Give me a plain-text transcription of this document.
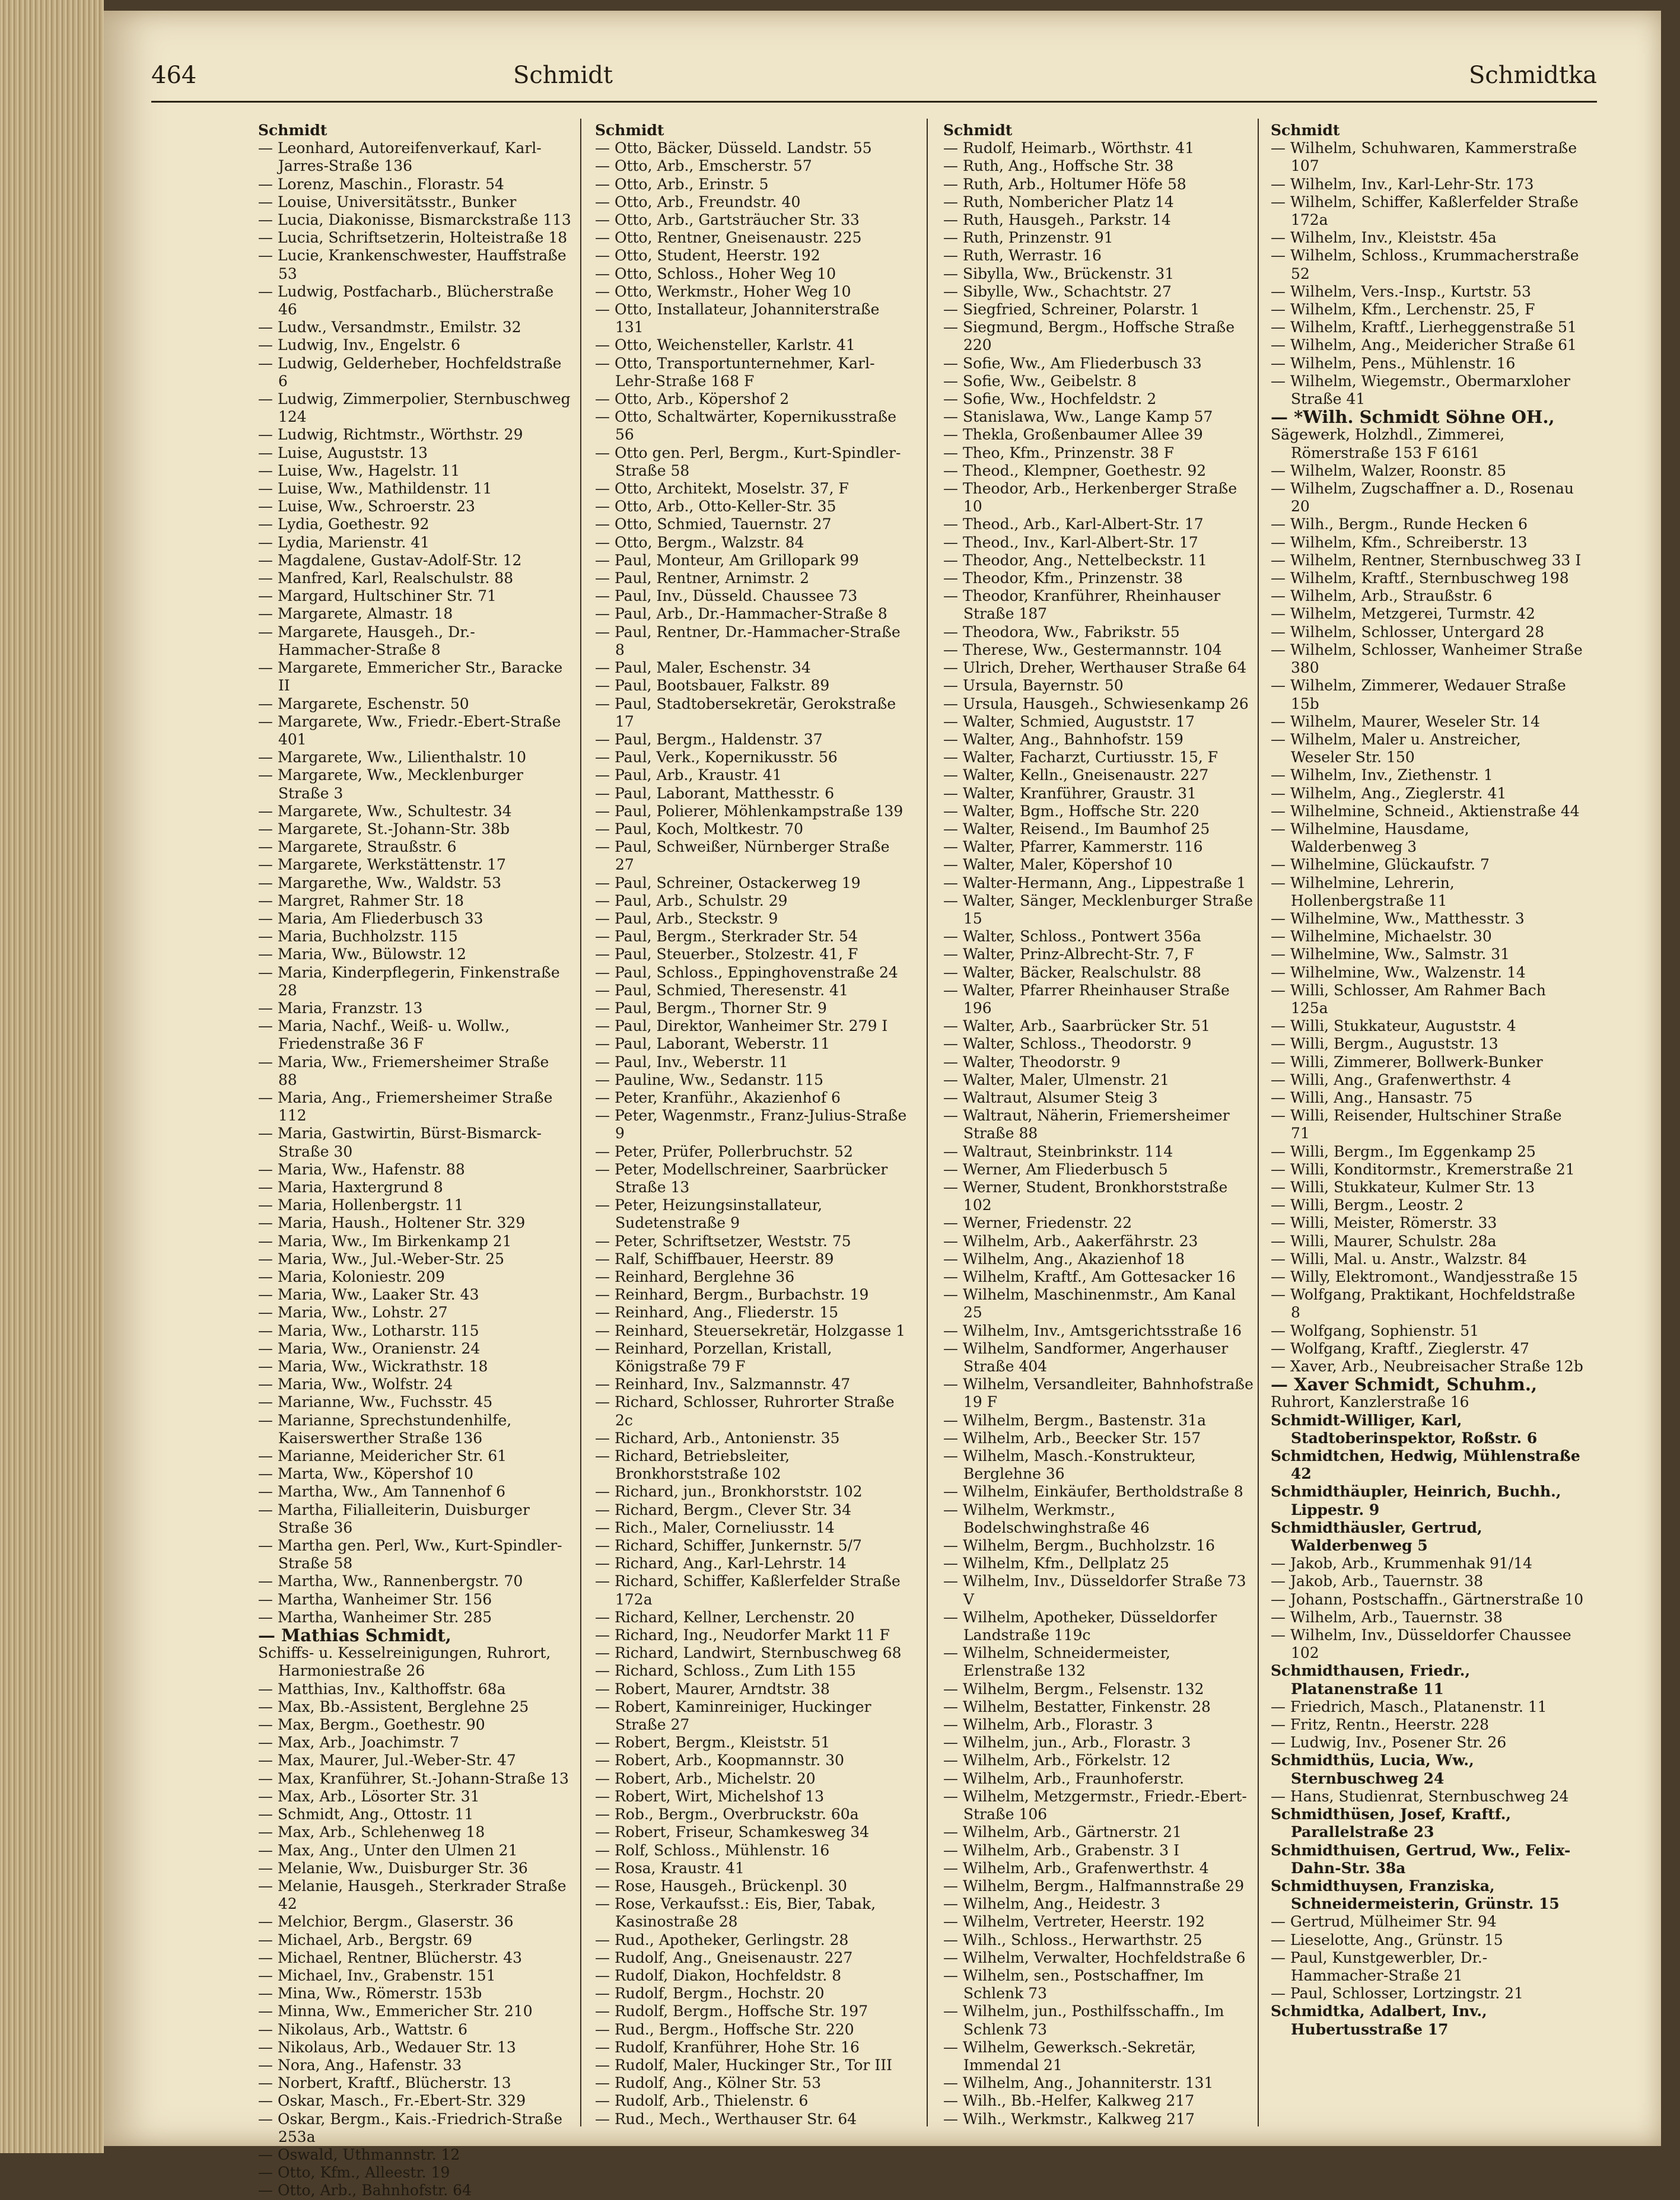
464	Schmidt	Schmidtka
Schmidt
— Leonhard, Autoreifenverkauf, Karl-Jarres-Straße 136
— Lorenz, Maschin., Florastr. 54
— Louise, Universitätsstr., Bunker
— Lucia, Diakonisse, Bismarckstraße 113
— Lucia, Schriftsetzerin, Holteistraße 18
— Lucie, Krankenschwester, Hauffstraße 53
— Ludwig, Postfacharb., Blücherstraße 46
— Ludw., Versandmstr., Emilstr. 32
— Ludwig, Inv., Engelstr. 6
— Ludwig, Gelderheber, Hochfeldstraße 6
— Ludwig, Zimmerpolier, Sternbuschweg 124
— Ludwig, Richtmstr., Wörthstr. 29
— Luise, Auguststr. 13
— Luise, Ww., Hagelstr. 11
— Luise, Ww., Mathildenstr. 11
— Luise, Ww., Schroerstr. 23
— Lydia, Goethestr. 92
— Lydia, Marienstr. 41
— Magdalene, Gustav-Adolf-Str. 12
— Manfred, Karl, Realschulstr. 88
— Margard, Hultschiner Str. 71
— Margarete, Almastr. 18
— Margarete, Hausgeh., Dr.-Hammacher-Straße 8
— Margarete, Emmericher Str., Baracke II
— Margarete, Eschenstr. 50
— Margarete, Ww., Friedr.-Ebert-Straße 401
— Margarete, Ww., Lilienthalstr. 10
— Margarete, Ww., Mecklenburger Straße 3
— Margarete, Ww., Schultestr. 34
— Margarete, St.-Johann-Str. 38b
— Margarete, Straußstr. 6
— Margarete, Werkstättenstr. 17
— Margarethe, Ww., Waldstr. 53
— Margret, Rahmer Str. 18
— Maria, Am Fliederbusch 33
— Maria, Buchholzstr. 115
— Maria, Ww., Bülowstr. 12
— Maria, Kinderpflegerin, Finkenstraße 28
— Maria, Franzstr. 13
— Maria, Nachf., Weiß- u. Wollw., Friedenstraße 36 F
— Maria, Ww., Friemersheimer Straße 88
— Maria, Ang., Friemersheimer Straße 112
— Maria, Gastwirtin, Bürst-Bismarck-Straße 30
— Maria, Ww., Hafenstr. 88
— Maria, Haxtergrund 8
— Maria, Hollenbergstr. 11
— Maria, Haush., Holtener Str. 329
— Maria, Ww., Im Birkenkamp 21
— Maria, Ww., Jul.-Weber-Str. 25
— Maria, Koloniestr. 209
— Maria, Ww., Laaker Str. 43
— Maria, Ww., Lohstr. 27
— Maria, Ww., Lotharstr. 115
— Maria, Ww., Oranienstr. 24
— Maria, Ww., Wickrathstr. 18
— Maria, Ww., Wolfstr. 24
— Marianne, Ww., Fuchsstr. 45
— Marianne, Sprechstundenhilfe, Kaiserswerther Straße 136
— Marianne, Meidericher Str. 61
— Marta, Ww., Köpershof 10
— Martha, Ww., Am Tannenhof 6
— Martha, Filialleiterin, Duisburger Straße 36
— Martha gen. Perl, Ww., Kurt-Spindler-Straße 58
— Martha, Ww., Rannenbergstr. 70
— Martha, Wanheimer Str. 156
— Martha, Wanheimer Str. 285
— Mathias Schmidt,
Schiffs- u. Kesselreinigungen, Ruhrort, Harmoniestraße 26
— Matthias, Inv., Kalthoffstr. 68a
— Max, Bb.-Assistent, Berglehne 25
— Max, Bergm., Goethestr. 90
— Max, Arb., Joachimstr. 7
— Max, Maurer, Jul.-Weber-Str. 47
— Max, Kranführer, St.-Johann-Straße 13
— Max, Arb., Lösorter Str. 31
— Schmidt, Ang., Ottostr. 11
— Max, Arb., Schlehenweg 18
— Max, Ang., Unter den Ulmen 21
— Melanie, Ww., Duisburger Str. 36
— Melanie, Hausgeh., Sterkrader Straße 42
— Melchior, Bergm., Glaserstr. 36
— Michael, Arb., Bergstr. 69
— Michael, Rentner, Blücherstr. 43
— Michael, Inv., Grabenstr. 151
— Mina, Ww., Römerstr. 153b
— Minna, Ww., Emmericher Str. 210
— Nikolaus, Arb., Wattstr. 6
— Nikolaus, Arb., Wedauer Str. 13
— Nora, Ang., Hafenstr. 33
— Norbert, Kraftf., Blücherstr. 13
— Oskar, Masch., Fr.-Ebert-Str. 329
— Oskar, Bergm., Kais.-Friedrich-Straße 253a
— Oswald, Uthmannstr. 12
— Otto, Kfm., Alleestr. 19
— Otto, Arb., Bahnhofstr. 64
Schmidt
— Otto, Bäcker, Düsseld. Landstr. 55
— Otto, Arb., Emscherstr. 57
— Otto, Arb., Erinstr. 5
— Otto, Arb., Freundstr. 40
— Otto, Arb., Gartsträucher Str. 33
— Otto, Rentner, Gneisenaustr. 225
— Otto, Student, Heerstr. 192
— Otto, Schloss., Hoher Weg 10
— Otto, Werkmstr., Hoher Weg 10
— Otto, Installateur, Johanniterstraße 131
— Otto, Weichensteller, Karlstr. 41
— Otto, Transportunternehmer, Karl-Lehr-Straße 168 F
— Otto, Arb., Köpershof 2
— Otto, Schaltwärter, Kopernikusstraße 56
— Otto gen. Perl, Bergm., Kurt-Spindler-Straße 58
— Otto, Architekt, Moselstr. 37, F
— Otto, Arb., Otto-Keller-Str. 35
— Otto, Schmied, Tauernstr. 27
— Otto, Bergm., Walzstr. 84
— Paul, Monteur, Am Grillopark 99
— Paul, Rentner, Arnimstr. 2
— Paul, Inv., Düsseld. Chaussee 73
— Paul, Arb., Dr.-Hammacher-Straße 8
— Paul, Rentner, Dr.-Hammacher-Straße 8
— Paul, Maler, Eschenstr. 34
— Paul, Bootsbauer, Falkstr. 89
— Paul, Stadtobersekretär, Gerokstraße 17
— Paul, Bergm., Haldenstr. 37
— Paul, Verk., Kopernikusstr. 56
— Paul, Arb., Kraustr. 41
— Paul, Laborant, Matthesstr. 6
— Paul, Polierer, Möhlenkampstraße 139
— Paul, Koch, Moltkestr. 70
— Paul, Schweißer, Nürnberger Straße 27
— Paul, Schreiner, Ostackerweg 19
— Paul, Arb., Schulstr. 29
— Paul, Arb., Steckstr. 9
— Paul, Bergm., Sterkrader Str. 54
— Paul, Steuerber., Stolzestr. 41, F
— Paul, Schloss., Eppinghovenstraße 24
— Paul, Schmied, Theresenstr. 41
— Paul, Bergm., Thorner Str. 9
— Paul, Direktor, Wanheimer Str. 279 I
— Paul, Laborant, Weberstr. 11
— Paul, Inv., Weberstr. 11
— Pauline, Ww., Sedanstr. 115
— Peter, Kranführ., Akazienhof 6
— Peter, Wagenmstr., Franz-Julius-Straße 9
— Peter, Prüfer, Pollerbruchstr. 52
— Peter, Modellschreiner, Saarbrücker Straße 13
— Peter, Heizungsinstallateur, Sudetenstraße 9
— Peter, Schriftsetzer, Weststr. 75
— Ralf, Schiffbauer, Heerstr. 89
— Reinhard, Berglehne 36
— Reinhard, Bergm., Burbachstr. 19
— Reinhard, Ang., Fliederstr. 15
— Reinhard, Steuersekretär, Holzgasse 1
— Reinhard, Porzellan, Kristall, Königstraße 79 F
— Reinhard, Inv., Salzmannstr. 47
— Richard, Schlosser, Ruhrorter Straße 2c
— Richard, Arb., Antonienstr. 35
— Richard, Betriebsleiter, Bronkhorststraße 102
— Richard, jun., Bronkhorststr. 102
— Richard, Bergm., Clever Str. 34
— Rich., Maler, Corneliusstr. 14
— Richard, Schiffer, Junkernstr. 5/7
— Richard, Ang., Karl-Lehrstr. 14
— Richard, Schiffer, Kaßlerfelder Straße 172a
— Richard, Kellner, Lerchenstr. 20
— Richard, Ing., Neudorfer Markt 11 F
— Richard, Landwirt, Sternbuschweg 68
— Richard, Schloss., Zum Lith 155
— Robert, Maurer, Arndtstr. 38
— Robert, Kaminreiniger, Huckinger Straße 27
— Robert, Bergm., Kleiststr. 51
— Robert, Arb., Koopmannstr. 30
— Robert, Arb., Michelstr. 20
— Robert, Wirt, Michelshof 13
— Rob., Bergm., Overbruckstr. 60a
— Robert, Friseur, Schamkesweg 34
— Rolf, Schloss., Mühlenstr. 16
— Rosa, Kraustr. 41
— Rose, Hausgeh., Brückenpl. 30
— Rose, Verkaufsst.: Eis, Bier, Tabak, Kasinostraße 28
— Rud., Apotheker, Gerlingstr. 28
— Rudolf, Ang., Gneisenaustr. 227
— Rudolf, Diakon, Hochfeldstr. 8
— Rudolf, Bergm., Hochstr. 20
— Rudolf, Bergm., Hoffsche Str. 197
— Rud., Bergm., Hoffsche Str. 220
— Rudolf, Kranführer, Hohe Str. 16
— Rudolf, Maler, Huckinger Str., Tor III
— Rudolf, Ang., Kölner Str. 53
— Rudolf, Arb., Thielenstr. 6
— Rud., Mech., Werthauser Str. 64
Schmidt
— Rudolf, Heimarb., Wörthstr. 41
— Ruth, Ang., Hoffsche Str. 38
— Ruth, Arb., Holtumer Höfe 58
— Ruth, Nombericher Platz 14
— Ruth, Hausgeh., Parkstr. 14
— Ruth, Prinzenstr. 91
— Ruth, Werrastr. 16
— Sibylla, Ww., Brückenstr. 31
— Sibylle, Ww., Schachtstr. 27
— Siegfried, Schreiner, Polarstr. 1
— Siegmund, Bergm., Hoffsche Straße 220
— Sofie, Ww., Am Fliederbusch 33
— Sofie, Ww., Geibelstr. 8
— Sofie, Ww., Hochfeldstr. 2
— Stanislawa, Ww., Lange Kamp 57
— Thekla, Großenbaumer Allee 39
— Theo, Kfm., Prinzenstr. 38 F
— Theod., Klempner, Goethestr. 92
— Theodor, Arb., Herkenberger Straße 10
— Theod., Arb., Karl-Albert-Str. 17
— Theod., Inv., Karl-Albert-Str. 17
— Theodor, Ang., Nettelbeckstr. 11
— Theodor, Kfm., Prinzenstr. 38
— Theodor, Kranführer, Rheinhauser Straße 187
— Theodora, Ww., Fabrikstr. 55
— Therese, Ww., Gestermannstr. 104
— Ulrich, Dreher, Werthauser Straße 64
— Ursula, Bayernstr. 50
— Ursula, Hausgeh., Schwiesenkamp 26
— Walter, Schmied, Auguststr. 17
— Walter, Ang., Bahnhofstr. 159
— Walter, Facharzt, Curtiusstr. 15, F
— Walter, Kelln., Gneisenaustr. 227
— Walter, Kranführer, Graustr. 31
— Walter, Bgm., Hoffsche Str. 220
— Walter, Reisend., Im Baumhof 25
— Walter, Pfarrer, Kammerstr. 116
— Walter, Maler, Köpershof 10
— Walter-Hermann, Ang., Lippestraße 1
— Walter, Sänger, Mecklenburger Straße 15
— Walter, Schloss., Pontwert 356a
— Walter, Prinz-Albrecht-Str. 7, F
— Walter, Bäcker, Realschulstr. 88
— Walter, Pfarrer Rheinhauser Straße 196
— Walter, Arb., Saarbrücker Str. 51
— Walter, Schloss., Theodorstr. 9
— Walter, Theodorstr. 9
— Walter, Maler, Ulmenstr. 21
— Waltraut, Alsumer Steig 3
— Waltraut, Näherin, Friemersheimer Straße 88
— Waltraut, Steinbrinkstr. 114
— Werner, Am Fliederbusch 5
— Werner, Student, Bronkhorststraße 102
— Werner, Friedenstr. 22
— Wilhelm, Arb., Aakerfährstr. 23
— Wilhelm, Ang., Akazienhof 18
— Wilhelm, Kraftf., Am Gottesacker 16
— Wilhelm, Maschinenmstr., Am Kanal 25
— Wilhelm, Inv., Amtsgerichtsstraße 16
— Wilhelm, Sandformer, Angerhauser Straße 404
— Wilhelm, Versandleiter, Bahnhofstraße 19 F
— Wilhelm, Bergm., Bastenstr. 31a
— Wilhelm, Arb., Beecker Str. 157
— Wilhelm, Masch.-Konstrukteur, Berglehne 36
— Wilhelm, Einkäufer, Bertholdstraße 8
— Wilhelm, Werkmstr., Bodelschwinghstraße 46
— Wilhelm, Bergm., Buchholzstr. 16
— Wilhelm, Kfm., Dellplatz 25
— Wilhelm, Inv., Düsseldorfer Straße 73 V
— Wilhelm, Apotheker, Düsseldorfer Landstraße 119c
— Wilhelm, Schneidermeister, Erlenstraße 132
— Wilhelm, Bergm., Felsenstr. 132
— Wilhelm, Bestatter, Finkenstr. 28
— Wilhelm, Arb., Florastr. 3
— Wilhelm, jun., Arb., Florastr. 3
— Wilhelm, Arb., Förkelstr. 12
— Wilhelm, Arb., Fraunhoferstr.
— Wilhelm, Metzgermstr., Friedr.-Ebert-Straße 106
— Wilhelm, Arb., Gärtnerstr. 21
— Wilhelm, Arb., Grabenstr. 3 I
— Wilhelm, Arb., Grafenwerthstr. 4
— Wilhelm, Bergm., Halfmannstraße 29
— Wilhelm, Ang., Heidestr. 3
— Wilhelm, Vertreter, Heerstr. 192
— Wilh., Schloss., Herwarthstr. 25
— Wilhelm, Verwalter, Hochfeldstraße 6
— Wilhelm, sen., Postschaffner, Im Schlenk 73
— Wilhelm, jun., Posthilfsschaffn., Im Schlenk 73
— Wilhelm, Gewerksch.-Sekretär, Immendal 21
— Wilhelm, Ang., Johanniterstr. 131
— Wilh., Bb.-Helfer, Kalkweg 217
— Wilh., Werkmstr., Kalkweg 217
Schmidt
— Wilhelm, Schuhwaren, Kammerstraße 107
— Wilhelm, Inv., Karl-Lehr-Str. 173
— Wilhelm, Schiffer, Kaßlerfelder Straße 172a
— Wilhelm, Inv., Kleiststr. 45a
— Wilhelm, Schloss., Krummacherstraße 52
— Wilhelm, Vers.-Insp., Kurtstr. 53
— Wilhelm, Kfm., Lerchenstr. 25, F
— Wilhelm, Kraftf., Lierheggenstraße 51
— Wilhelm, Ang., Meidericher Straße 61
— Wilhelm, Pens., Mühlenstr. 16
— Wilhelm, Wiegemstr., Obermarxloher Straße 41
— *Wilh. Schmidt Söhne OH.,
Sägewerk, Holzhdl., Zimmerei, Römerstraße 153 F 6161
— Wilhelm, Walzer, Roonstr. 85
— Wilhelm, Zugschaffner a. D., Rosenau 20
— Wilh., Bergm., Runde Hecken 6
— Wilhelm, Kfm., Schreiberstr. 13
— Wilhelm, Rentner, Sternbuschweg 33 I
— Wilhelm, Kraftf., Sternbuschweg 198
— Wilhelm, Arb., Straußstr. 6
— Wilhelm, Metzgerei, Turmstr. 42
— Wilhelm, Schlosser, Untergard 28
— Wilhelm, Schlosser, Wanheimer Straße 380
— Wilhelm, Zimmerer, Wedauer Straße 15b
— Wilhelm, Maurer, Weseler Str. 14
— Wilhelm, Maler u. Anstreicher, Weseler Str. 150
— Wilhelm, Inv., Ziethenstr. 1
— Wilhelm, Ang., Zieglerstr. 41
— Wilhelmine, Schneid., Aktienstraße 44
— Wilhelmine, Hausdame, Walderbenweg 3
— Wilhelmine, Glückaufstr. 7
— Wilhelmine, Lehrerin, Hollenbergstraße 11
— Wilhelmine, Ww., Matthesstr. 3
— Wilhelmine, Michaelstr. 30
— Wilhelmine, Ww., Salmstr. 31
— Wilhelmine, Ww., Walzenstr. 14
— Willi, Schlosser, Am Rahmer Bach 125a
— Willi, Stukkateur, Auguststr. 4
— Willi, Bergm., Auguststr. 13
— Willi, Zimmerer, Bollwerk-Bunker
— Willi, Ang., Grafenwerthstr. 4
— Willi, Ang., Hansastr. 75
— Willi, Reisender, Hultschiner Straße 71
— Willi, Bergm., Im Eggenkamp 25
— Willi, Konditormstr., Kremerstraße 21
— Willi, Stukkateur, Kulmer Str. 13
— Willi, Bergm., Leostr. 2
— Willi, Meister, Römerstr. 33
— Willi, Maurer, Schulstr. 28a
— Willi, Mal. u. Anstr., Walzstr. 84
— Willy, Elektromont., Wandjesstraße 15
— Wolfgang, Praktikant, Hochfeldstraße 8
— Wolfgang, Sophienstr. 51
— Wolfgang, Kraftf., Zieglerstr. 47
— Xaver, Arb., Neubreisacher Straße 12b
— Xaver Schmidt, Schuhm.,
Ruhrort, Kanzlerstraße 16
Schmidt-Williger, Karl, Stadtoberinspektor, Roßstr. 6
Schmidtchen, Hedwig, Mühlenstraße 42
Schmidthäupler, Heinrich, Buchh., Lippestr. 9
Schmidthäusler, Gertrud, Walderbenweg 5
— Jakob, Arb., Krummenhak 91/14
— Jakob, Arb., Tauernstr. 38
— Johann, Postschaffn., Gärtnerstraße 10
— Wilhelm, Arb., Tauernstr. 38
— Wilhelm, Inv., Düsseldorfer Chaussee 102
Schmidthausen, Friedr., Platanenstraße 11
— Friedrich, Masch., Platanenstr. 11
— Fritz, Rentn., Heerstr. 228
— Ludwig, Inv., Posener Str. 26
Schmidthüs, Lucia, Ww., Sternbuschweg 24
— Hans, Studienrat, Sternbuschweg 24
Schmidthüsen, Josef, Kraftf., Parallelstraße 23
Schmidthuisen, Gertrud, Ww., Felix-Dahn-Str. 38a
Schmidthuysen, Franziska, Schneidermeisterin, Grünstr. 15
— Gertrud, Mülheimer Str. 94
— Lieselotte, Ang., Grünstr. 15
— Paul, Kunstgewerbler, Dr.-Hammacher-Straße 21
— Paul, Schlosser, Lortzingstr. 21
Schmidtka, Adalbert, Inv., Hubertusstraße 17
